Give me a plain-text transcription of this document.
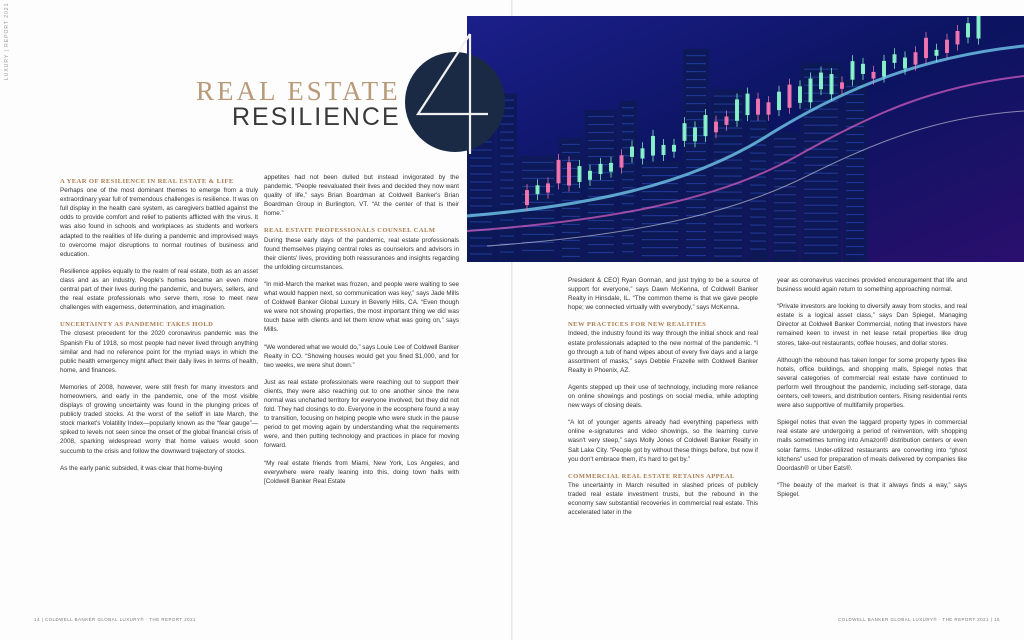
LUXURY | REPORT 2021
REAL ESTATE
RESILIENCE
A YEAR OF RESILIENCE IN REAL ESTATE & LIFE

Perhaps one of the most dominant themes to emerge from a truly extraordinary year full of tremendous challenges is resilience. It was on full display in the health care system, as caregivers battled against the odds to provide comfort and relief to patients afflicted with the virus. It was also found in schools and workplaces as students and workers adapted to the realities of life during a pandemic and improvised ways to overcome major disruptions to normal routines of business and education.

Resilience applies equally to the realm of real estate, both as an asset class and as an industry. People's homes became an even more central part of their lives during the pandemic, and buyers, sellers, and the real estate professionals who serve them, rose to meet new challenges with eagerness, determination, and imagination.

UNCERTAINTY AS PANDEMIC TAKES HOLD

The closest precedent for the 2020 coronavirus pandemic was the Spanish Flu of 1918, so most people had never lived through anything similar and had no reference point for the myriad ways in which the public health emergency might affect their daily lives in terms of health, home, and finances.

Memories of 2008, however, were still fresh for many investors and homeowners, and early in the pandemic, one of the most visible displays of growing uncertainty was found in the plunging prices of publicly traded stocks. At the worst of the selloff in late March, the stock market's Volatility Index—popularly known as the “fear gauge”—spiked to levels not seen since the onset of the global financial crisis of 2008, sparking widespread worry that home values would soon succumb to the crisis and follow the downward trajectory of stocks.

As the early panic subsided, it was clear that home-buying

appetites had not been dulled but instead invigorated by the pandemic. “People reevaluated their lives and decided they now want quality of life,” says Brian Boardman at Coldwell Banker's Brian Boardman Group in Burlington, VT. “At the center of that is their home.”

REAL ESTATE PROFESSIONALS COUNSEL CALM

During these early days of the pandemic, real estate professionals found themselves playing central roles as counselors and advisors in their clients' lives, providing both reassurances and insights regarding the unfolding circumstances.

“In mid-March the market was frozen, and people were waiting to see what would happen next, so communication was key,” says Jade Mills of Coldwell Banker Global Luxury in Beverly Hills, CA. “Even though we were not showing properties, the most important thing we did was touch base with clients and let them know what was going on,” says Mills.

“We wondered what we would do,” says Louie Lee of Coldwell Banker Realty in CO. “Showing houses would get you fined $1,000, and for two weeks, we were shut down.”

Just as real estate professionals were reaching out to support their clients, they were also reaching out to one another since the new normal was uncharted territory for everyone involved, but they did not fold. They had closings to do. Everyone in the ecosphere found a way to transition, focusing on helping people who were stuck in the pause period to get moving again by understanding what the requirements were, and then putting technology and practices in place for moving forward.

“My real estate friends from Miami, New York, Los Angeles, and everywhere were really leaning into this, doing town halls with [Coldwell Banker Real Estate

President & CEO] Ryan Gorman, and just trying to be a source of support for everyone,” says Dawn McKenna, of Coldwell Banker Realty in Hinsdale, IL. “The common theme is that we gave people hope; we connected virtually with everybody,” says McKenna.

NEW PRACTICES FOR NEW REALITIES

Indeed, the industry found its way through the initial shock and real estate professionals adapted to the new normal of the pandemic. “I go through a tub of hand wipes about of every five days and a large assortment of masks,” says Debbie Frazelle with Coldwell Banker Realty in Phoenix, AZ.

Agents stepped up their use of technology, including more reliance on online showings and postings on social media, while adopting new ways of closing deals.

“A lot of younger agents already had everything paperless with online e-signatures and video showings, so the learning curve wasn't very steep,” says Molly Jones of Coldwell Banker Realty in Salt Lake City. “People got by without these things before, but now if you don't embrace them, it's hard to get by.”

COMMERCIAL REAL ESTATE RETAINS APPEAL

The uncertainty in March resulted in slashed prices of publicly traded real estate investment trusts, but the rebound in the economy saw substantial recoveries in commercial real estate. This accelerated later in the

year as coronavirus vaccines provided encouragement that life and business would again return to something approaching normal.

“Private investors are looking to diversify away from stocks, and real estate is a logical asset class,” says Dan Spiegel, Managing Director at Coldwell Banker Commercial, noting that investors have remained keen to invest in net lease retail properties like drug stores, take-out restaurants, coffee houses, and dollar stores.

Although the rebound has taken longer for some property types like hotels, office buildings, and shopping malls, Spiegel notes that several categories of commercial real estate have continued to perform well throughout the pandemic, including self-storage, data centers, cell towers, and distribution centers. Rising residential rents were also supportive of multifamily properties.

Spiegel notes that even the laggard property types in commercial real estate are undergoing a period of reinvention, with shopping malls sometimes turning into Amazon® distribution centers or even solar farms. Under-utilized restaurants are converting into “ghost kitchens” used for preparation of meals delivered by companies like Doordash® or Uber Eats®.

“The beauty of the market is that it always finds a way,” says Spiegel.

14 | COLDWELL BANKER GLOBAL LUXURY® · THE REPORT 2021	COLDWELL BANKER GLOBAL LUXURY® · THE REPORT 2021 | 15
